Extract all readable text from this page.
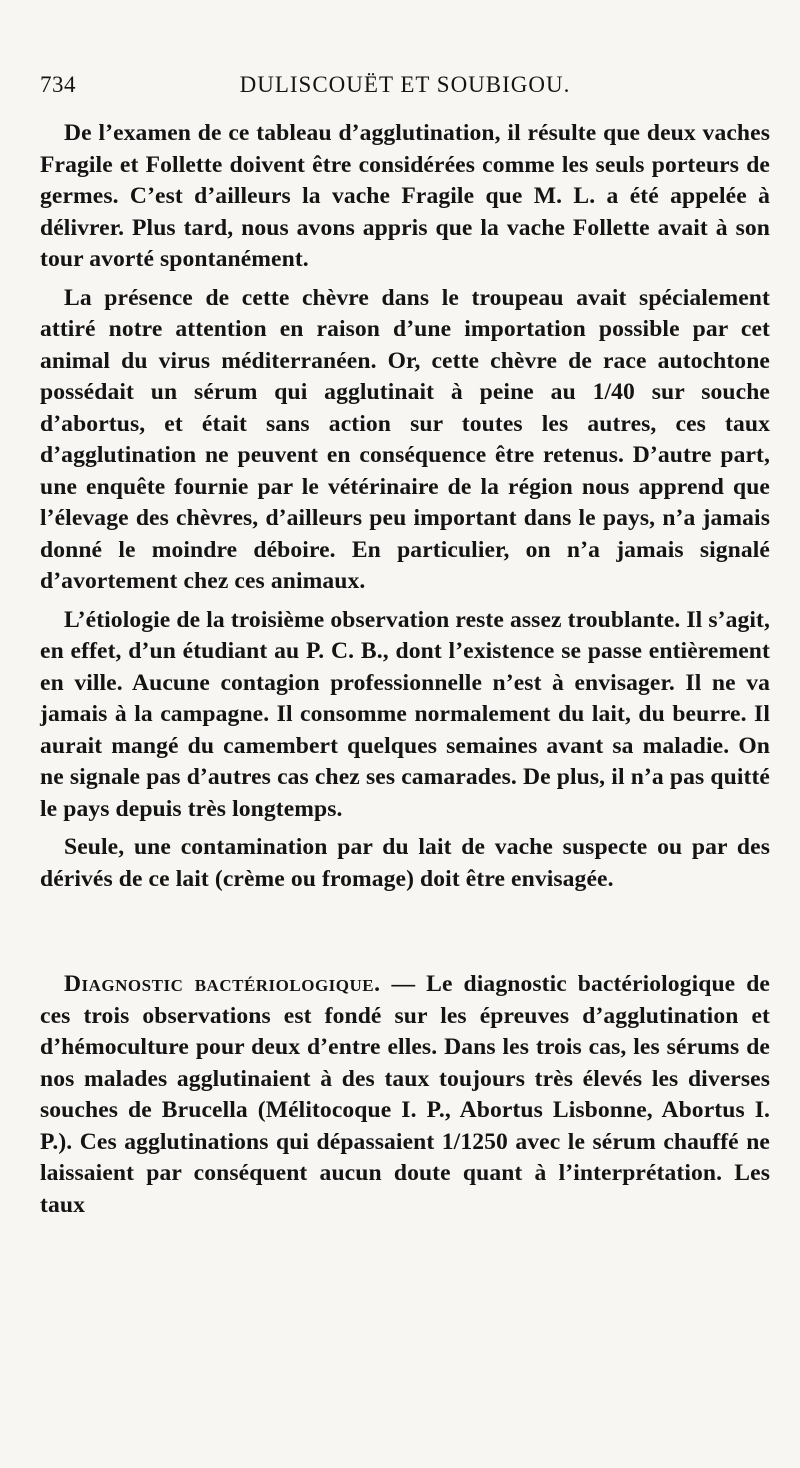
734	DULISCOUËT ET SOUBIGOU.

De l’examen de ce tableau d’agglutination, il résulte que deux vaches Fragile et Follette doivent être considérées comme les seuls porteurs de germes. C’est d’ailleurs la vache Fragile que M. L. a été appelée à délivrer. Plus tard, nous avons appris que la vache Follette avait à son tour avorté spontanément.

La présence de cette chèvre dans le troupeau avait spécialement attiré notre attention en raison d’une importation possible par cet animal du virus méditerranéen. Or, cette chèvre de race autochtone possédait un sérum qui agglutinait à peine au 1/40 sur souche d’abortus, et était sans action sur toutes les autres, ces taux d’agglutination ne peuvent en conséquence être retenus. D’autre part, une enquête fournie par le vétérinaire de la région nous apprend que l’élevage des chèvres, d’ailleurs peu important dans le pays, n’a jamais donné le moindre déboire. En particulier, on n’a jamais signalé d’avortement chez ces animaux.

L’étiologie de la troisième observation reste assez troublante. Il s’agit, en effet, d’un étudiant au P. C. B., dont l’existence se passe entièrement en ville. Aucune contagion professionnelle n’est à envisager. Il ne va jamais à la campagne. Il consomme normalement du lait, du beurre. Il aurait mangé du camembert quelques semaines avant sa maladie. On ne signale pas d’autres cas chez ses camarades. De plus, il n’a pas quitté le pays depuis très longtemps.

Seule, une contamination par du lait de vache suspecte ou par des dérivés de ce lait (crème ou fromage) doit être envisagée.

Diagnostic bactériologique. — Le diagnostic bactériologique de ces trois observations est fondé sur les épreuves d’agglutination et d’hémoculture pour deux d’entre elles. Dans les trois cas, les sérums de nos malades agglutinaient à des taux toujours très élevés les diverses souches de Brucella (Mélitocoque I. P., Abortus Lisbonne, Abortus I. P.). Ces agglutinations qui dépassaient 1/1250 avec le sérum chauffé ne laissaient par conséquent aucun doute quant à l’interprétation. Les taux
